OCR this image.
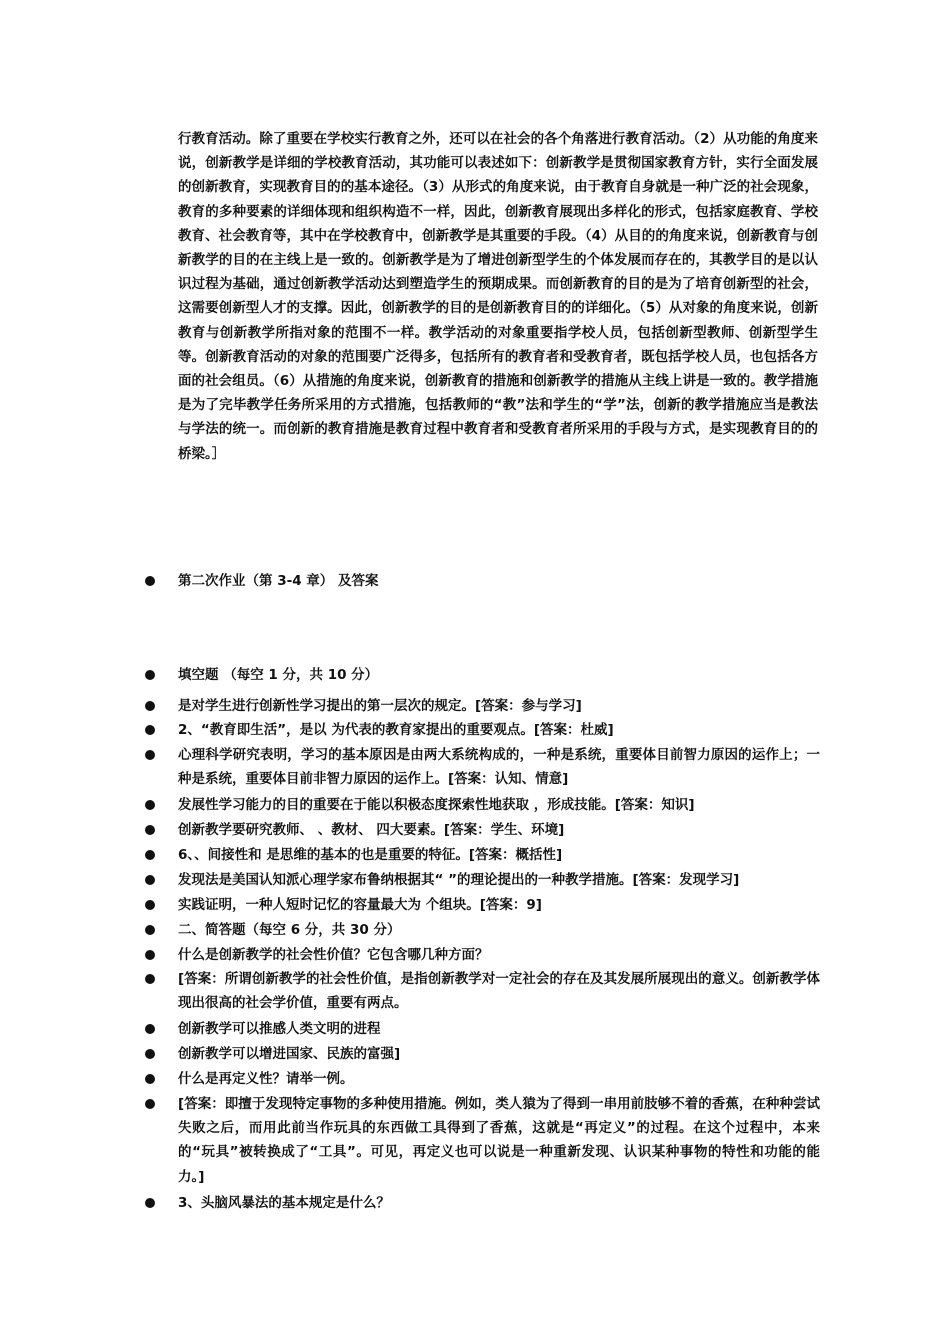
行教育活动。除了重要在学校实行教育之外，还可以在社会的各个角落进行教育活动。（2）从功能的角度来说，创新教学是详细的学校教育活动，其功能可以表述如下：创新教学是贯彻国家教育方针，实行全面发展的创新教育，实现教育目的的基本途径。（3）从形式的角度来说，由于教育自身就是一种广泛的社会现象，教育的多种要素的详细体现和组织构造不一样，因此，创新教育展现出多样化的形式，包括家庭教育、学校教育、社会教育等，其中在学校教育中，创新教学是其重要的手段。（4）从目的的角度来说，创新教育与创新教学的目的在主线上是一致的。创新教学是为了增进创新型学生的个体发展而存在的，其教学目的是以认识过程为基础，通过创新教学活动达到塑造学生的预期成果。而创新教育的目的是为了培育创新型的社会，这需要创新型人才的支撑。因此，创新教学的目的是创新教育目的的详细化。（5）从对象的角度来说，创新教育与创新教学所指对象的范围不一样。教学活动的对象重要指学校人员，包括创新型教师、创新型学生等。创新教育活动的对象的范围要广泛得多，包括所有的教育者和受教育者，既包括学校人员，也包括各方面的社会组员。（6）从措施的角度来说，创新教育的措施和创新教学的措施从主线上讲是一致的。教学措施是为了完毕教学任务所采用的方式措施，包括教师的“教”法和学生的“学”法，创新的教学措施应当是教法与学法的统一。而创新的教育措施是教育过程中教育者和受教育者所采用的手段与方式，是实现教育目的的桥梁。］

第二次作业（第 3-4 章） 及答案
填空题 （每空 1 分，共 10 分）
是对学生进行创新性学习提出的第一层次的规定。[答案：参与学习]
2、“教育即生活”，是以 为代表的教育家提出的重要观点。[答案：杜威]
心理科学研究表明，学习的基本原因是由两大系统构成的，一种是系统，重要体目前智力原因的运作上；一种是系统，重要体目前非智力原因的运作上。[答案：认知、情意]
发展性学习能力的目的重要在于能以积极态度探索性地获取 ，形成技能。[答案：知识]
创新教学要研究教师、 、教材、 四大要素。[答案：学生、环境]
6、、间接性和 是思维的基本的也是重要的特征。[答案：概括性]
发现法是美国认知派心理学家布鲁纳根据其“ ”的理论提出的一种教学措施。[答案：发现学习]
实践证明，一种人短时记忆的容量最大为 个组块。[答案：9]
二、简答题（每空 6 分，共 30 分）
什么是创新教学的社会性价值？它包含哪几种方面？
[答案：所谓创新教学的社会性价值，是指创新教学对一定社会的存在及其发展所展现出的意义。创新教学体现出很高的社会学价值，重要有两点。
创新教学可以推感人类文明的进程
创新教学可以增进国家、民族的富强]
什么是再定义性？请举一例。
[答案：即擅于发现特定事物的多种使用措施。例如，类人猿为了得到一串用前肢够不着的香蕉，在种种尝试失败之后，而用此前当作玩具的东西做工具得到了香蕉，这就是“再定义”的过程。在这个过程中，本来的“玩具”被转换成了“工具”。可见，再定义也可以说是一种重新发现、认识某种事物的特性和功能的能力。]
3、头脑风暴法的基本规定是什么？
